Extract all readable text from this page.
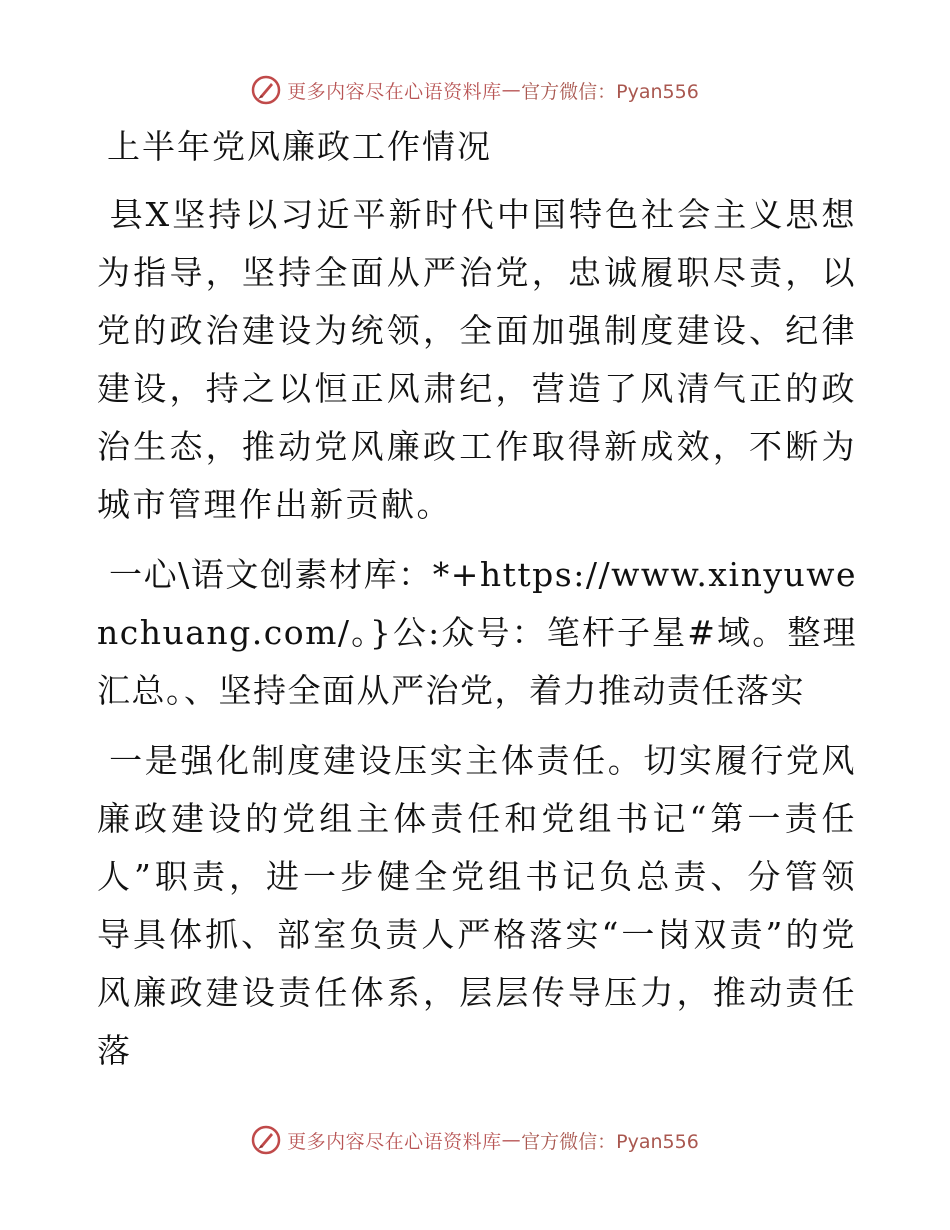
更多内容尽在心语资料库 — 官方微信：Pyan556
上半年党风廉政工作情况

县X坚持以习近平新时代中国特色社会主义思想为指导，坚持全面从严治党，忠诚履职尽责，以党的政治建设为统领，全面加强制度建设、纪律建设，持之以恒正风肃纪，营造了风清气正的政治生态，推动党风廉政工作取得新成效，不断为城市管理作出新贡献。

一心\语文创素材库：*+https://www.xinyuwenchuang.com/。}公:众号：笔杆子星#域。整理汇总。、坚持全面从严治党，着力推动责任落实

一是强化制度建设压实主体责任。切实履行党风廉政建设的党组主体责任和党组书记“第一责任人”职责，进一步健全党组书记负总责、分管领导具体抓、部室负责人严格落实“一岗双责”的党风廉政建设责任体系，层层传导压力，推动责任落

更多内容尽在心语资料库 — 官方微信：Pyan556
